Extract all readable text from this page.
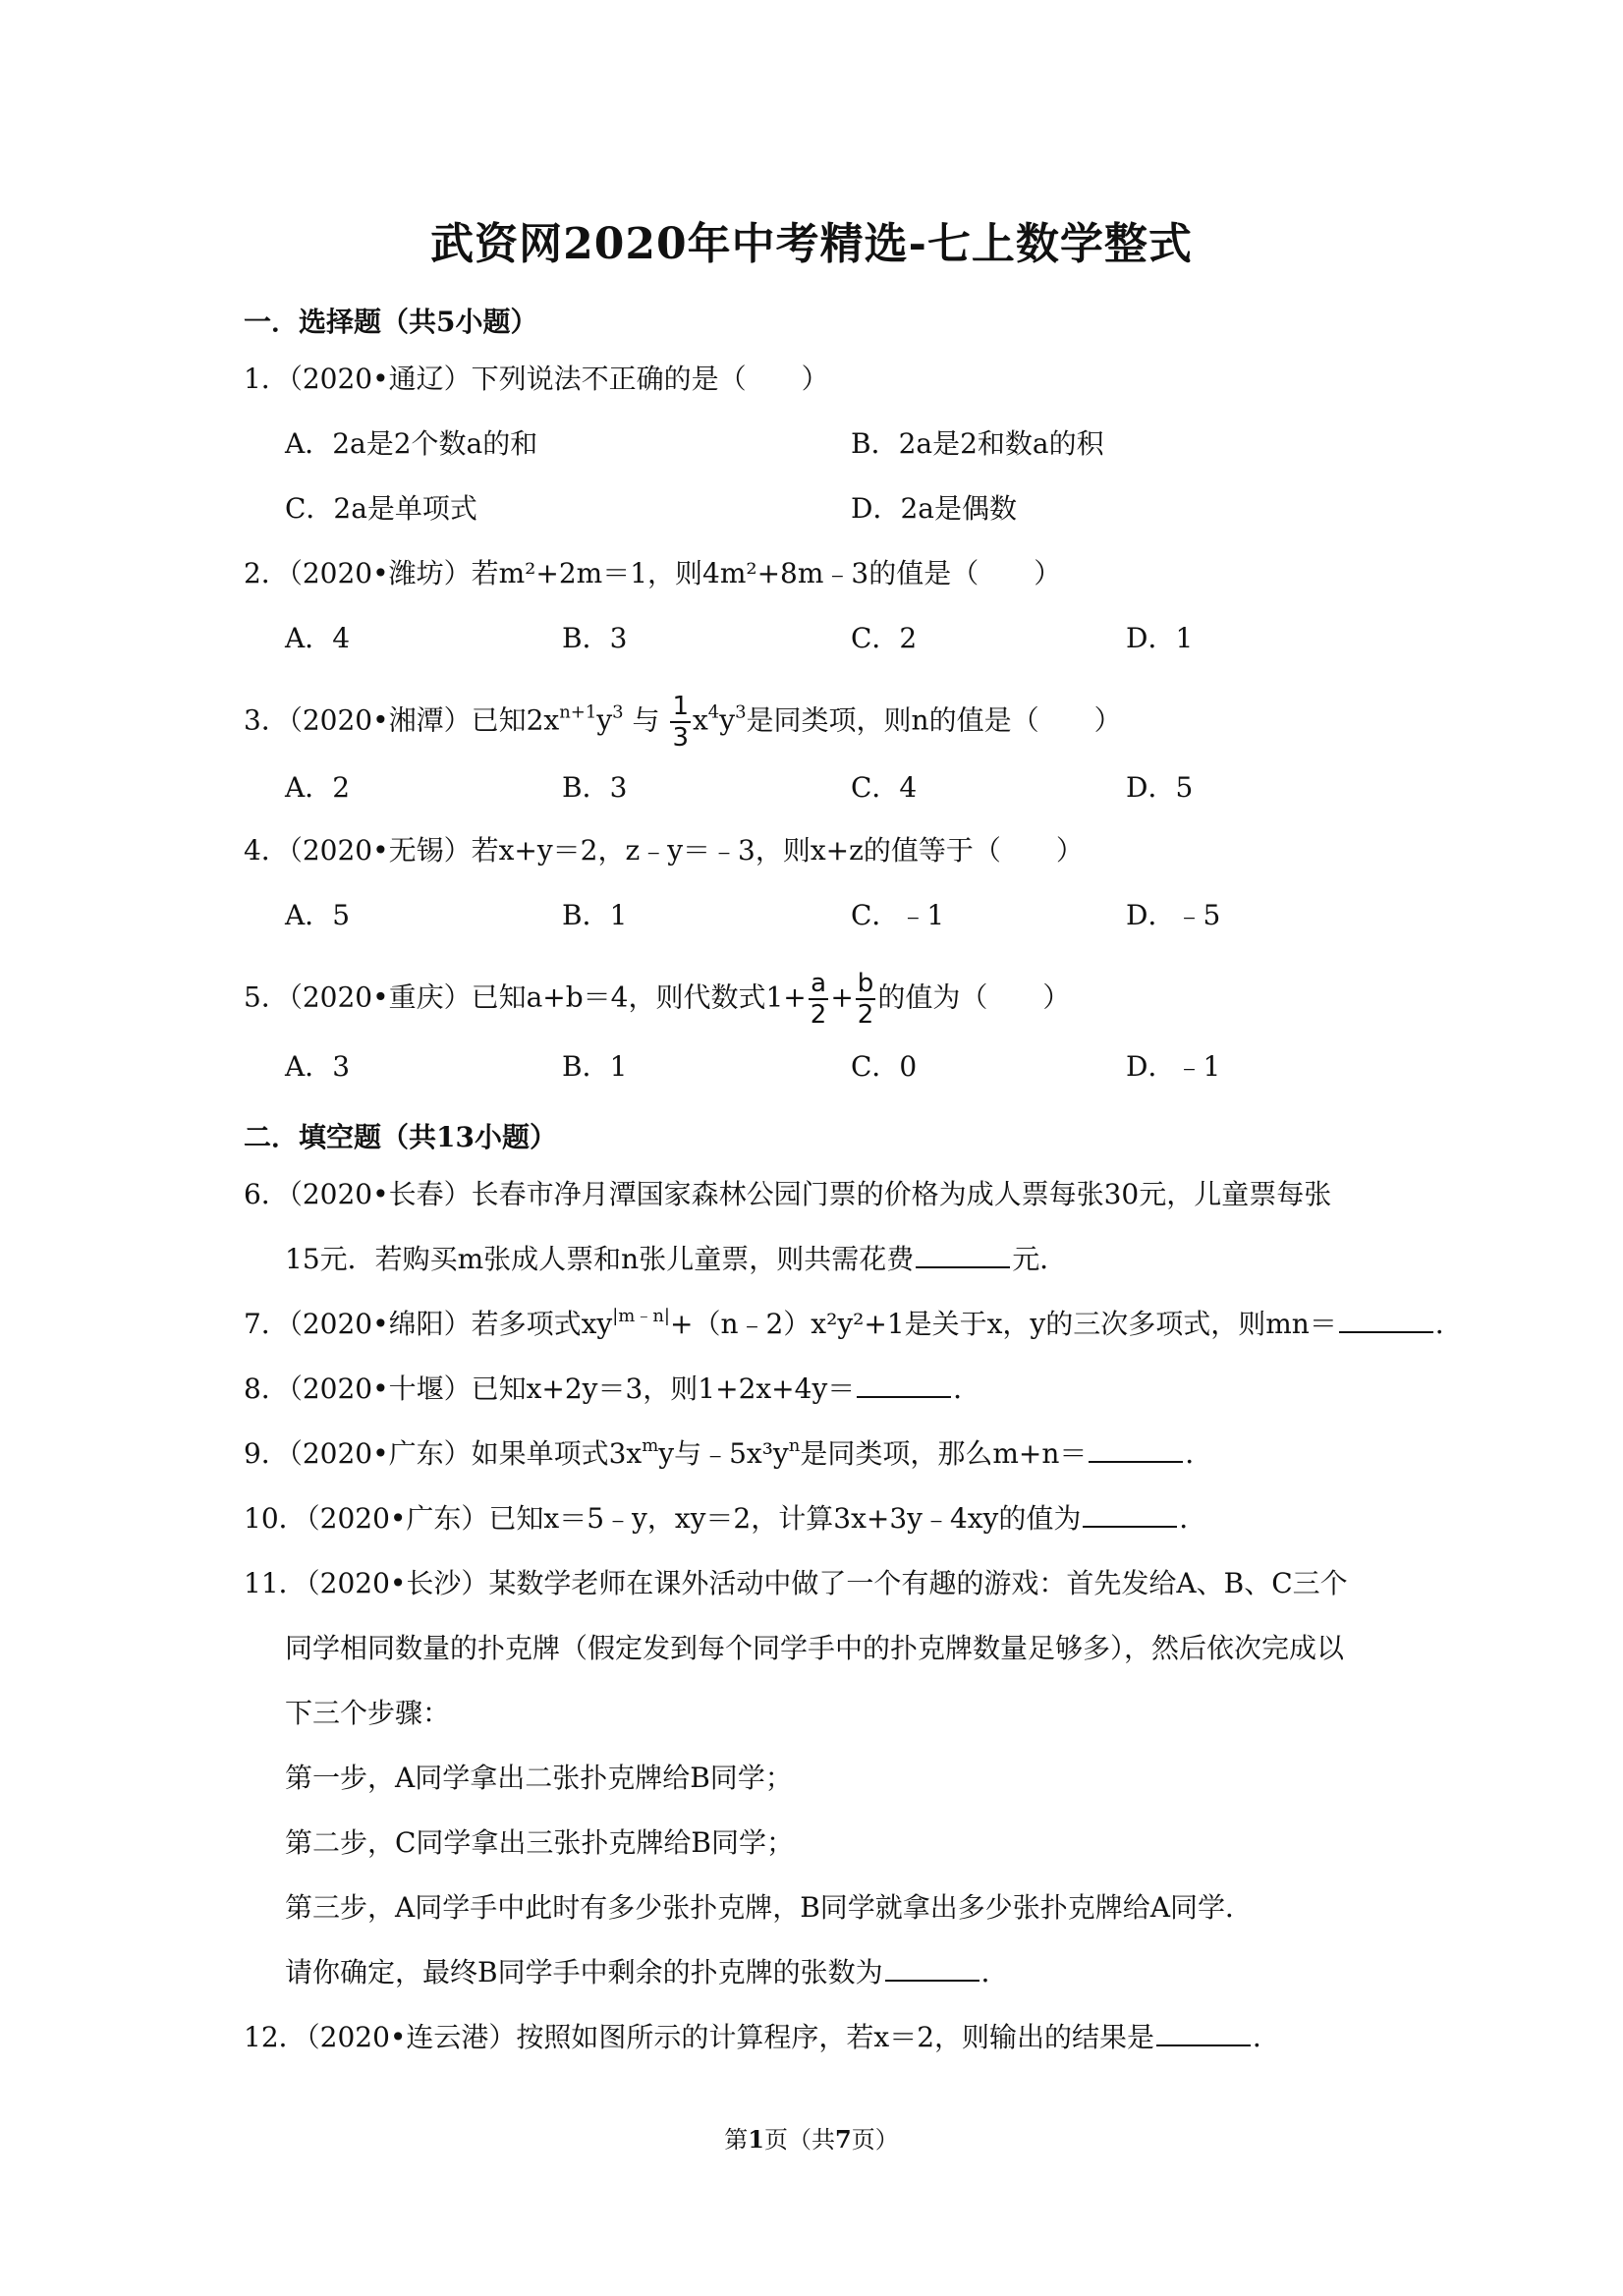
武资网2020年中考精选-七上数学整式
一．选择题（共5小题）
1．（2020•通辽）下列说法不正确的是（　　）
A．2a是2个数a的和	B．2a是2和数a的积
C．2a是单项式	D．2a是偶数
2．（2020•潍坊）若m²+2m＝1，则4m²+8m﹣3的值是（　　）
A．4	B．3	C．2	D．1
3．（2020•湘潭）已知$2x^{n+1}y^3$ 与 $\frac{1}{3} x^4y^3$是同类项，则n的值是（　　）
A．2	B．3	C．4	D．5
4．（2020•无锡）若x+y＝2，z﹣y＝﹣3，则x+z的值等于（　　）
A．5	B．1	C．﹣1	D．﹣5
5．（2020•重庆）已知a+b＝4，则代数式$1+ \frac{a}{2} + \frac{b}{2}$ 的值为（　　）
A．3	B．1	C．0	D．﹣1
二．填空题（共13小题）
6．（2020•长春）长春市净月潭国家森林公园门票的价格为成人票每张30元，儿童票每张
15元．若购买m张成人票和n张儿童票，则共需花费	元．
7．（2020•绵阳）若多项式$xy^{|m﹣n|}+(n﹣2)x^2y^2+1$是关于x，y的三次多项式，则mn＝	．
8．（2020•十堰）已知x+2y＝3，则1+2x+4y＝	．
9．（2020•广东）如果单项式$3x^my$与$﹣5x^3y^n$是同类项，那么m+n＝	．
10．（2020•广东）已知x＝5﹣y，xy＝2，计算3x+3y﹣4xy的值为	．
11．（2020•长沙）某数学老师在课外活动中做了一个有趣的游戏：首先发给A、B、C三个
同学相同数量的扑克牌（假定发到每个同学手中的扑克牌数量足够多），然后依次完成以
下三个步骤：
第一步，A同学拿出二张扑克牌给B同学；
第二步，C同学拿出三张扑克牌给B同学；
第三步，A同学手中此时有多少张扑克牌，B同学就拿出多少张扑克牌给A同学．
请你确定，最终B同学手中剩余的扑克牌的张数为	．
12．（2020•连云港）按照如图所示的计算程序，若x＝2，则输出的结果是	．
第1页（共7页）
